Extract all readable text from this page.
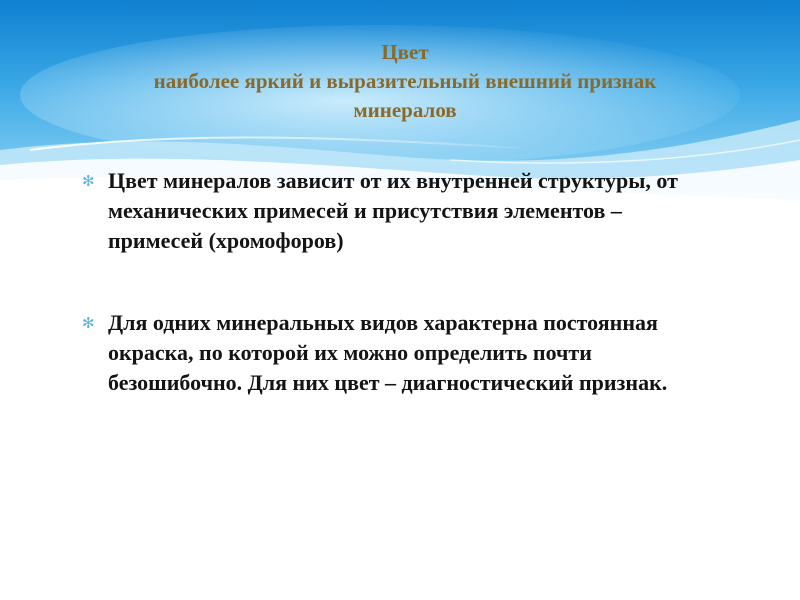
Цвет
наиболее яркий и выразительный внешний признак
минералов
✻ Цвет минералов зависит от их внутренней структуры, от механических примесей и присутствия элементов – примесей (хромофоров)
✻ Для одних минеральных видов характерна постоянная окраска, по которой их можно определить почти безошибочно. Для них цвет – диагностический признак.
